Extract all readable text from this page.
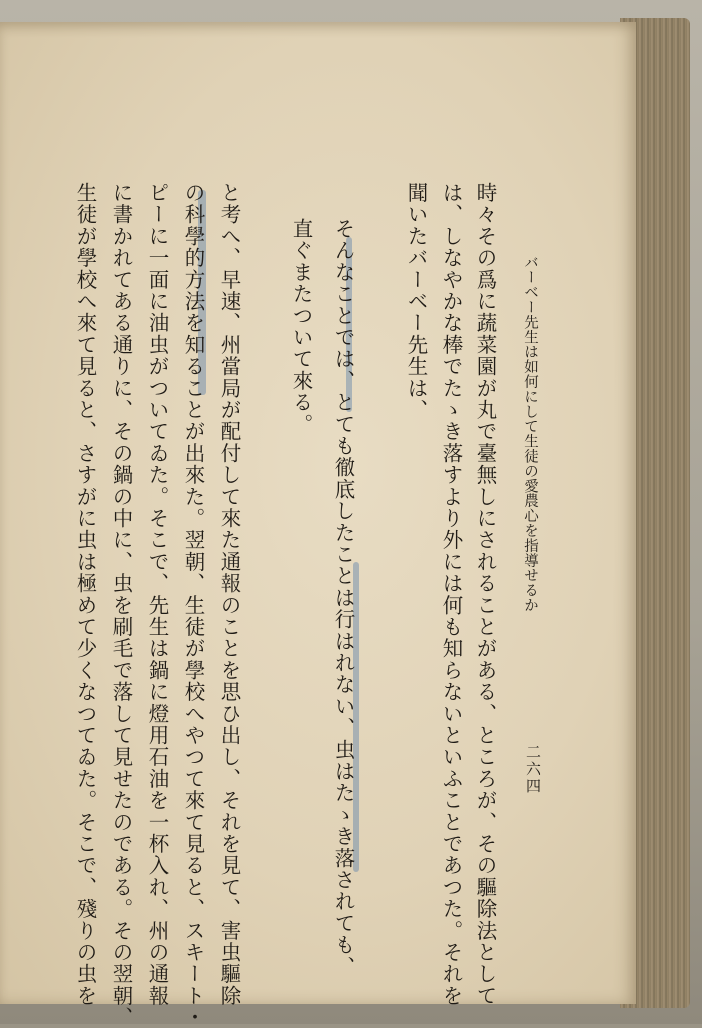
バーベー先生は如何にして生徒の愛農心を指導せるか
二六四
時々その爲に蔬菜園が丸で臺無しにされることがある、ところが、その驅除法として
は、しなやかな棒でたゝき落すより外には何も知らないといふことであつた。それを
聞いたバーベー先生は、
そんなことでは、とても徹底したことは行はれない、虫はたゝき落されても、
直ぐまたついて來る。
と考へ、早速、州當局が配付して來た通報のことを思ひ出し、それを見て、害虫驅除
の科學的方法を知ることが出來た。翌朝、生徒が學校へやつて來て見ると、スキート・
ピーに一面に油虫がついてゐた。そこで、先生は鍋に燈用石油を一杯入れ、州の通報
に書かれてある通りに、その鍋の中に、虫を刷毛で落して見せたのである。その翌朝、
生徒が學校へ來て見ると、さすがに虫は極めて少くなつてゐた。そこで、殘りの虫を
